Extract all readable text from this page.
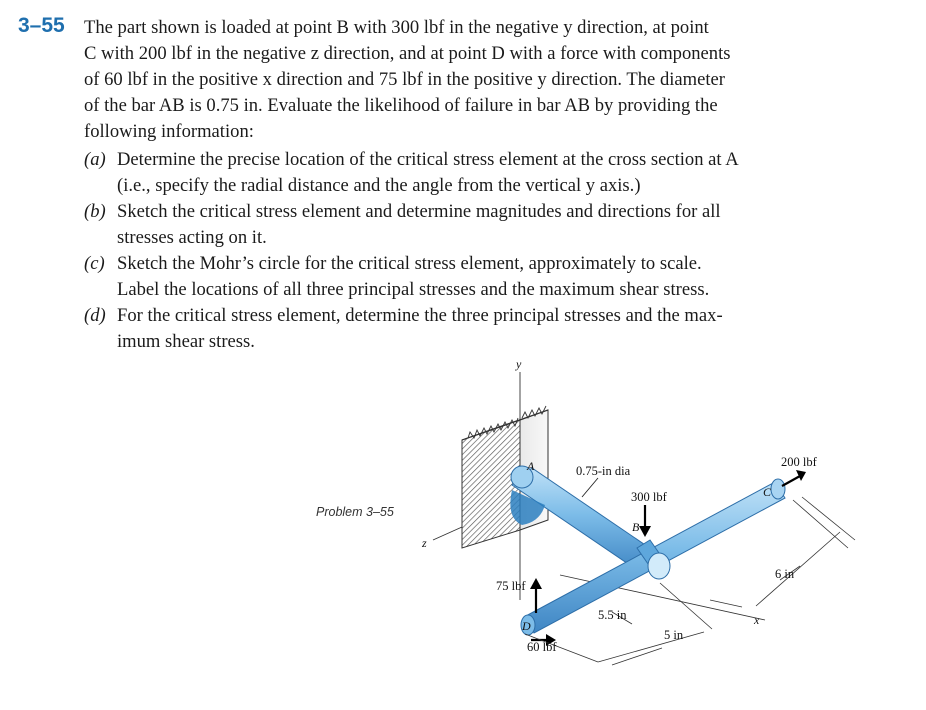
3–55 The part shown is loaded at point B with 300 lbf in the negative y direction, at point

C with 200 lbf in the negative z direction, and at point D with a force with components

of 60 lbf in the positive x direction and 75 lbf in the positive y direction. The diameter

of the bar AB is 0.75 in. Evaluate the likelihood of failure in bar AB by providing the

following information:

(a) Determine the precise location of the critical stress element at the cross section at A
(i.e., specify the radial distance and the angle from the vertical y axis.)
(b) Sketch the critical stress element and determine magnitudes and directions for all
stresses acting on it.
(c) Sketch the Mohr’s circle for the critical stress element, approximately to scale.
Label the locations of all three principal stresses and the maximum shear stress.
(d) For the critical stress element, determine the three principal stresses and the max-
imum shear stress.
Problem 3–55
y
z
x
A
B
C
D
0.75-in dia
300 lbf
200 lbf
75 lbf
60 lbf
5.5 in
5 in
6 in
